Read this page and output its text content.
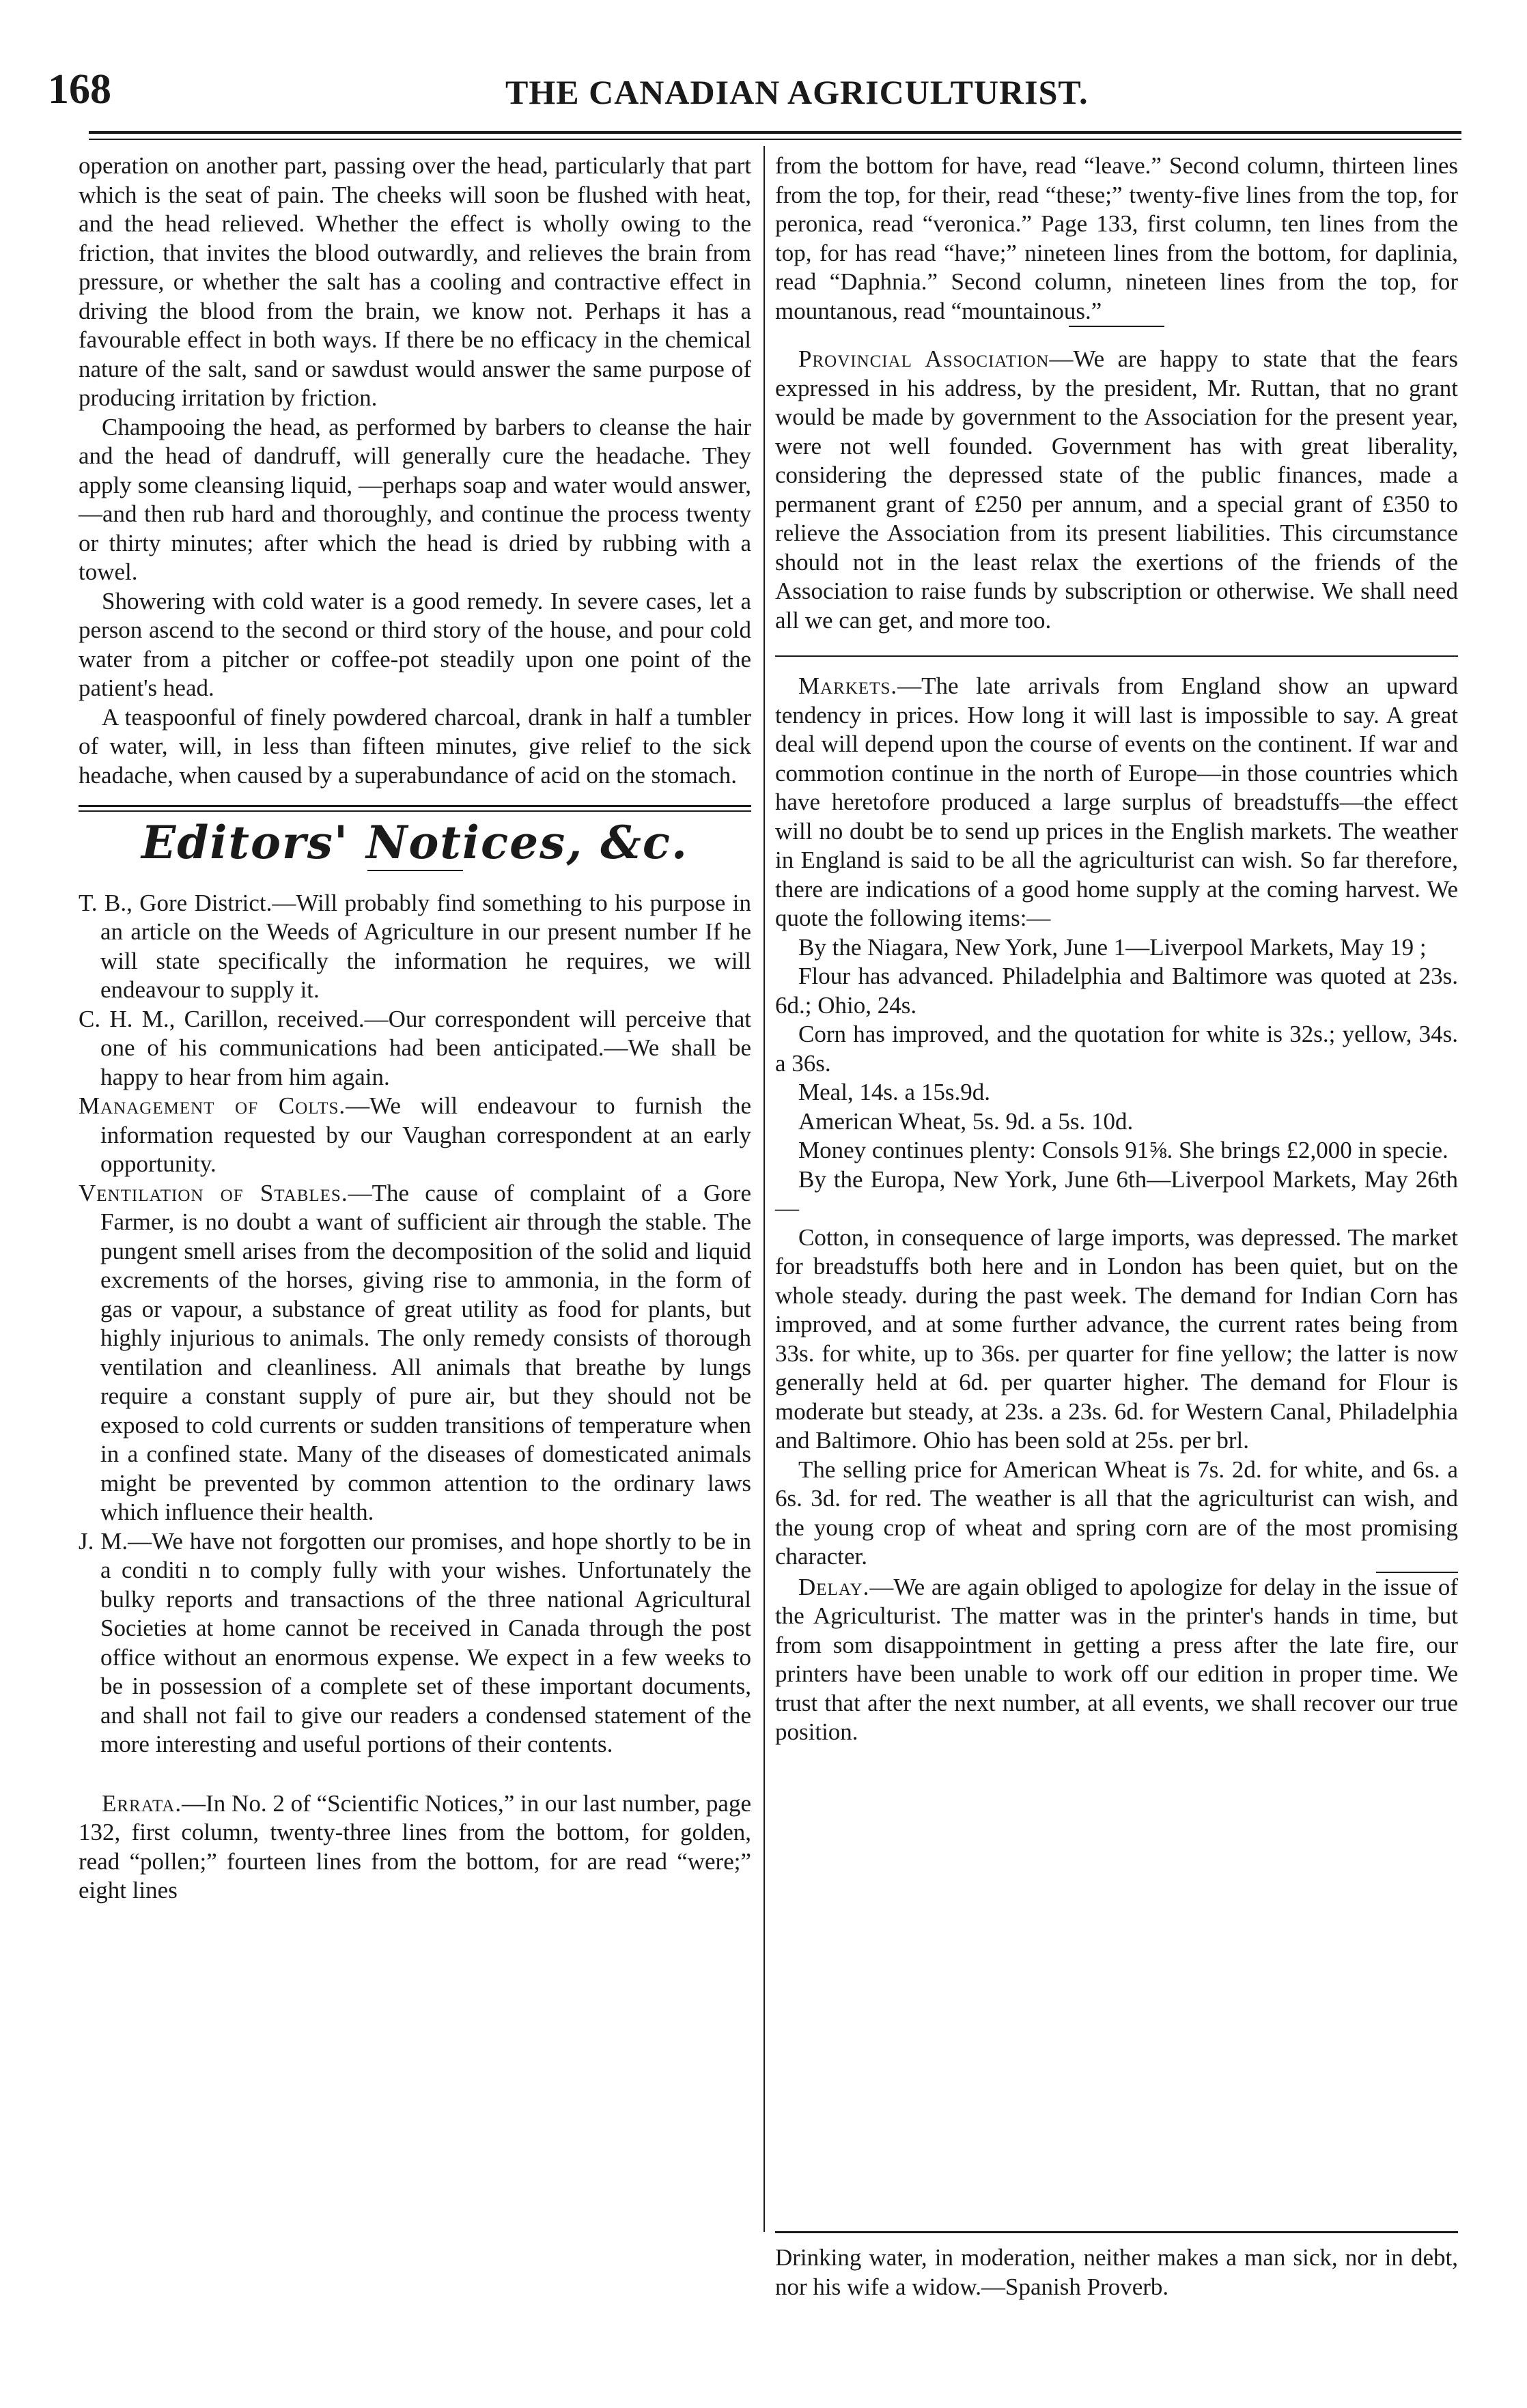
168	THE CANADIAN AGRICULTURIST.

operation on another part, passing over the head, particularly that part which is the seat of pain. The cheeks will soon be flushed with heat, and the head relieved. Whether the effect is wholly owing to the friction, that invites the blood outwardly, and relieves the brain from pressure, or whether the salt has a cooling and contractive effect in driving the blood from the brain, we know not. Perhaps it has a favourable effect in both ways. If there be no efficacy in the chemical nature of the salt, sand or sawdust would answer the same purpose of producing irritation by friction.

Champooing the head, as performed by barbers to cleanse the hair and the head of dandruff, will generally cure the headache. They apply some cleansing liquid, —perhaps soap and water would answer,—and then rub hard and thoroughly, and continue the process twenty or thirty minutes; after which the head is dried by rubbing with a towel.

Showering with cold water is a good remedy. In severe cases, let a person ascend to the second or third story of the house, and pour cold water from a pitcher or coffee-pot steadily upon one point of the patient's head.

A teaspoonful of finely powdered charcoal, drank in half a tumbler of water, will, in less than fifteen minutes, give relief to the sick headache, when caused by a superabundance of acid on the stomach.

Editors' Notices, &c.

T. B., Gore District.—Will probably find something to his purpose in an article on the Weeds of Agriculture in our present number If he will state specifically the information he requires, we will endeavour to supply it.

C. H. M., Carillon, received.—Our correspondent will perceive that one of his communications had been anticipated.—We shall be happy to hear from him again.

Management of Colts.—We will endeavour to furnish the information requested by our Vaughan correspondent at an early opportunity.

Ventilation of Stables.—The cause of complaint of a Gore Farmer, is no doubt a want of sufficient air through the stable. The pungent smell arises from the decomposition of the solid and liquid excrements of the horses, giving rise to ammonia, in the form of gas or vapour, a substance of great utility as food for plants, but highly injurious to animals. The only remedy consists of thorough ventilation and cleanliness. All animals that breathe by lungs require a constant supply of pure air, but they should not be exposed to cold currents or sudden transitions of temperature when in a confined state. Many of the diseases of domesticated animals might be prevented by common attention to the ordinary laws which influence their health.

J. M.—We have not forgotten our promises, and hope shortly to be in a conditi n to comply fully with your wishes. Unfortunately the bulky reports and transactions of the three national Agricultural Societies at home cannot be received in Canada through the post office without an enormous expense. We expect in a few weeks to be in possession of a complete set of these important documents, and shall not fail to give our readers a condensed statement of the more interesting and useful portions of their contents.

Errata.—In No. 2 of “Scientific Notices,” in our last number, page 132, first column, twenty-three lines from the bottom, for golden, read “pollen;” fourteen lines from the bottom, for are read “were;” eight lines

from the bottom for have, read “leave.” Second column, thirteen lines from the top, for their, read “these;” twenty-five lines from the top, for peronica, read “veronica.” Page 133, first column, ten lines from the top, for has read “have;” nineteen lines from the bottom, for daplinia, read “Daphnia.” Second column, nineteen lines from the top, for mountanous, read “mountainous.”

Provincial Association—We are happy to state that the fears expressed in his address, by the president, Mr. Ruttan, that no grant would be made by government to the Association for the present year, were not well founded. Government has with great liberality, considering the depressed state of the public finances, made a permanent grant of £250 per annum, and a special grant of £350 to relieve the Association from its present liabilities. This circumstance should not in the least relax the exertions of the friends of the Association to raise funds by subscription or otherwise. We shall need all we can get, and more too.

Markets.—The late arrivals from England show an upward tendency in prices. How long it will last is impossible to say. A great deal will depend upon the course of events on the continent. If war and commotion continue in the north of Europe—in those countries which have heretofore produced a large surplus of breadstuffs—the effect will no doubt be to send up prices in the English markets. The weather in England is said to be all the agriculturist can wish. So far therefore, there are indications of a good home supply at the coming harvest. We quote the following items:—

By the Niagara, New York, June 1—Liverpool Markets, May 19 ;

Flour has advanced. Philadelphia and Baltimore was quoted at 23s. 6d.; Ohio, 24s.

Corn has improved, and the quotation for white is 32s.; yellow, 34s. a 36s.

Meal, 14s. a 15s.9d.

American Wheat, 5s. 9d. a 5s. 10d.

Money continues plenty: Consols 91⅝. She brings £2,000 in specie.

By the Europa, New York, June 6th—Liverpool Markets, May 26th—

Cotton, in consequence of large imports, was depressed. The market for breadstuffs both here and in London has been quiet, but on the whole steady. during the past week. The demand for Indian Corn has improved, and at some further advance, the current rates being from 33s. for white, up to 36s. per quarter for fine yellow; the latter is now generally held at 6d. per quarter higher. The demand for Flour is moderate but steady, at 23s. a 23s. 6d. for Western Canal, Philadelphia and Baltimore. Ohio has been sold at 25s. per brl.

The selling price for American Wheat is 7s. 2d. for white, and 6s. a 6s. 3d. for red. The weather is all that the agriculturist can wish, and the young crop of wheat and spring corn are of the most promising character.

Delay.—We are again obliged to apologize for delay in the issue of the Agriculturist. The matter was in the printer's hands in time, but from som disappointment in getting a press after the late fire, our printers have been unable to work off our edition in proper time. We trust that after the next number, at all events, we shall recover our true position.

Drinking water, in moderation, neither makes a man sick, nor in debt, nor his wife a widow.—Spanish Proverb.
